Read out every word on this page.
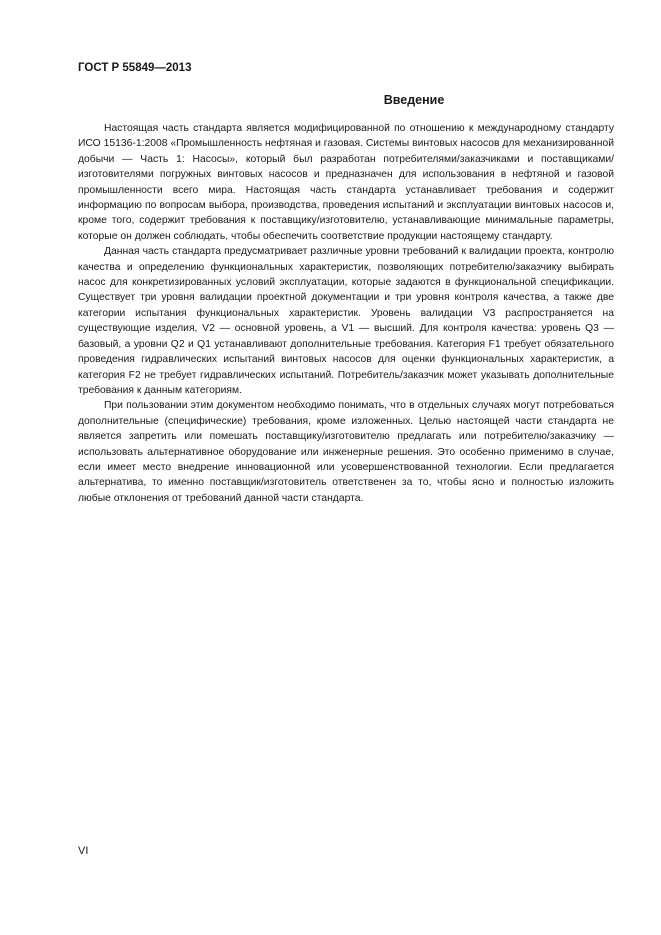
ГОСТ Р 55849—2013
Введение

Настоящая часть стандарта является модифицированной по отношению к международному стандарту ИСО 15136-1:2008 «Промышленность нефтяная и газовая. Системы винтовых насосов для механизированной добычи — Часть 1: Насосы», который был разработан потребителями/заказчиками и поставщиками/изготовителями погружных винтовых насосов и предназначен для использования в нефтяной и газовой промышленности всего мира. Настоящая часть стандарта устанавливает требования и содержит информацию по вопросам выбора, производства, проведения испытаний и эксплуатации винтовых насосов и, кроме того, содержит требования к поставщику/изготовителю, устанавливающие минимальные параметры, которые он должен соблюдать, чтобы обеспечить соответствие продукции настоящему стандарту.

Данная часть стандарта предусматривает различные уровни требований к валидации проекта, контролю качества и определению функциональных характеристик, позволяющих потребителю/заказчику выбирать насос для конкретизированных условий эксплуатации, которые задаются в функциональной спецификации. Существует три уровня валидации проектной документации и три уровня контроля качества, а также две категории испытания функциональных характеристик. Уровень валидации V3 распространяется на существующие изделия, V2 — основной уровень, а V1 — высший. Для контроля качества: уровень Q3 — базовый, а уровни Q2 и Q1 устанавливают дополнительные требования. Категория F1 требует обязательного проведения гидравлических испытаний винтовых насосов для оценки функциональных характеристик, а категория F2 не требует гидравлических испытаний. Потребитель/заказчик может указывать дополнительные требования к данным категориям.

При пользовании этим документом необходимо понимать, что в отдельных случаях могут потребоваться дополнительные (специфические) требования, кроме изложенных. Целью настоящей части стандарта не является запретить или помешать поставщику/изготовителю предлагать или потребителю/заказчику — использовать альтернативное оборудование или инженерные решения. Это особенно применимо в случае, если имеет место внедрение инновационной или усовершенствованной технологии. Если предлагается альтернатива, то именно поставщик/изготовитель ответственен за то, чтобы ясно и полностью изложить любые отклонения от требований данной части стандарта.

VI
